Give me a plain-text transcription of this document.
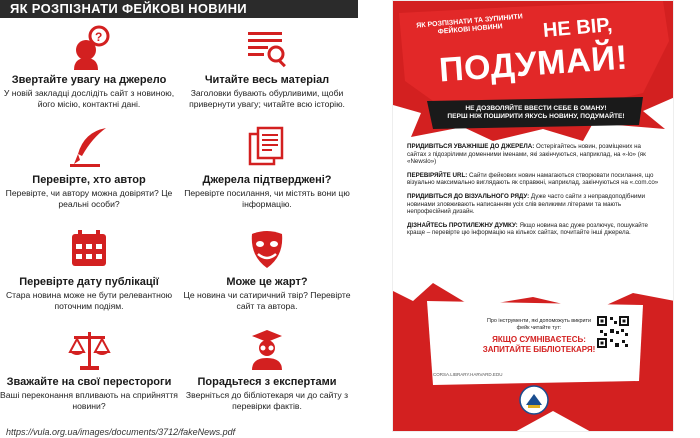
ЯК РОЗПІЗНАТИ ФЕЙКОВІ НОВИНИ
?
Звертайте увагу на джерело
У новій закладці дослідіть сайт з новиною, його місію, контактні дані.
Читайте весь матеріал
Заголовки бувають обурливими, щоби привернути увагу; читайте всю історію.
Перевірте, хто автор
Перевірте, чи автору можна довіряти? Це реальні особи?
Джерела підтверджені?
Перевірте посилання, чи містять вони цю інформацію.
Перевірте дату публікації
Стара новина може не бути релевантною поточним подіям.
Може це жарт?
Це новина чи сатиричний твір? Перевірте сайт та автора.
Зважайте на свої перестороги
Ваші переконання впливають на сприйняття новини?
Порадьтеся з експертами
Зверніться до бібліотекаря чи до сайту з перевірки фактів.
https://vula.org.ua/images/documents/3712/fakeNews.pdf
ЯК РОЗПІЗНАТИ ТА ЗУПИНИТИ ФЕЙКОВІ НОВИНИ	НЕ ВІР,
ПОДУМАЙ!
НЕ ДОЗВОЛЯЙТЕ ВВЕСТИ СЕБЕ В ОМАНУ!
ПЕРШ НІЖ ПОШИРИТИ ЯКУСЬ НОВИНУ, ПОДУМАЙТЕ!
ПРИДИВІТЬСЯ УВАЖНІШЕ ДО ДЖЕРЕЛА: Остерігайтесь новин, розміщених на сайтах з підозрілими доменними іменами, які закінчуються, наприклад, на «-lo» (як «Newslo»)
ПЕРЕВІРЯЙТЕ URL: Сайти фейкових новин намагаються створювати посилання, що візуально максимально виглядають як справжні, наприклад, закінчуються на «.com.co»
ПРИДИВІТЬСЯ ДО ВІЗУАЛЬНОГО РЯДУ: Дуже часто сайти з неправдоподібними новинами зловживають написанням усіх слів великими літерами та мають непрофесійний дизайн.
ДІЗНАЙТЕСЬ ПРОТИЛЕЖНУ ДУМКУ: Якщо новина вас дуже розлючує, пошукайте краще – перевірте цю інформацію на кількох сайтах, почитайте інші джерела.
Про інструменти, які допоможуть викрити фейк читайте тут:
ЯКЩО СУМНІВАЄТЕСЬ:
ЗАПИТАЙТЕ БІБЛІОТЕКАРЯ!
CORSA.LIBRARY.HARVARD.EDU
